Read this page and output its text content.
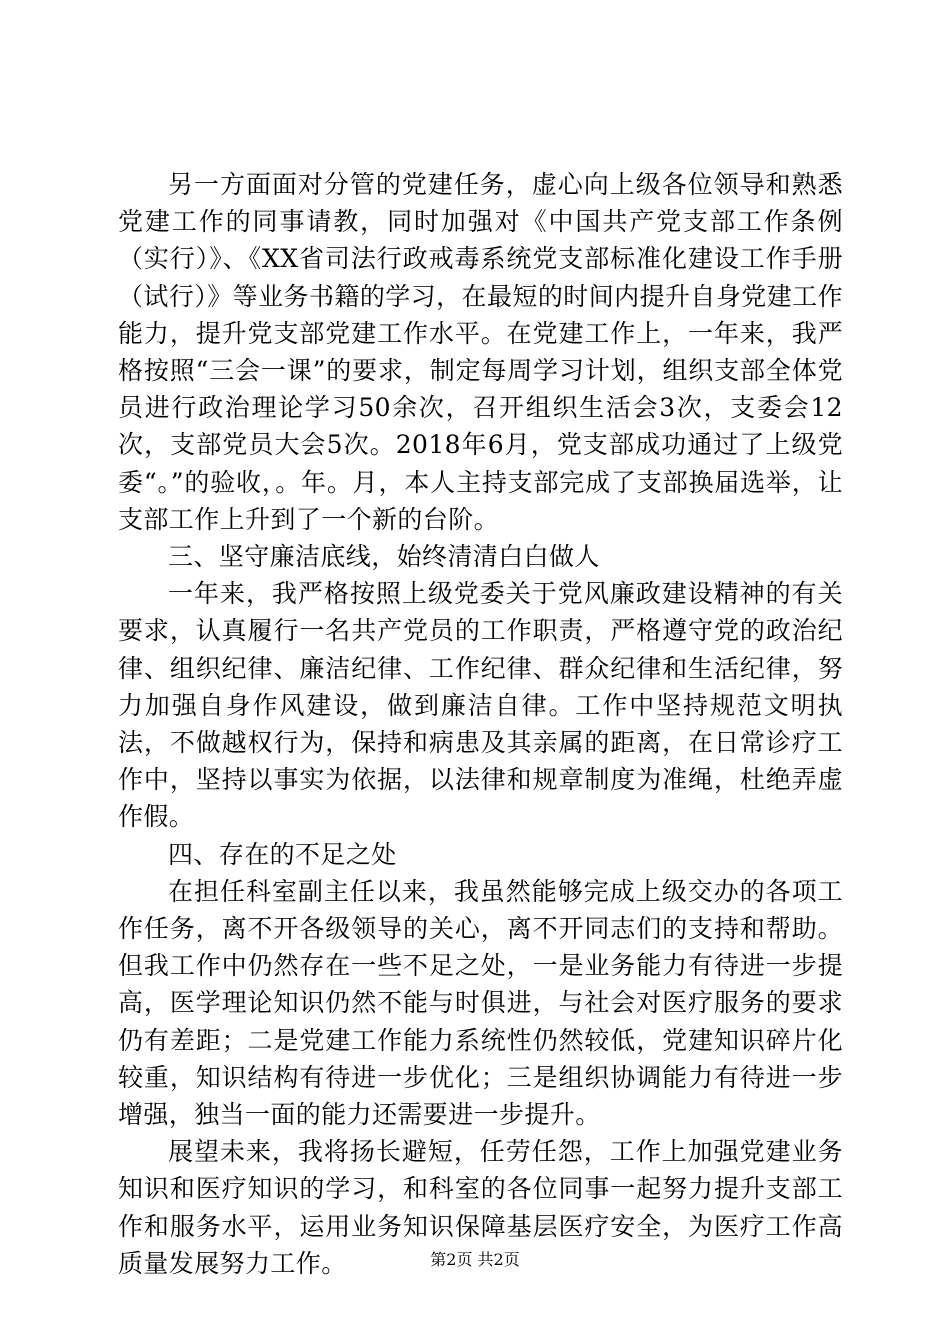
另一方面面对分管的党建任务，虚心向上级各位领导和熟悉党建工作的同事请教，同时加强对《中国共产党支部工作条例（实行）》、《XX省司法行政戒毒系统党支部标准化建设工作手册（试行）》等业务书籍的学习，在最短的时间内提升自身党建工作能力，提升党支部党建工作水平。在党建工作上，一年来，我严格按照“三会一课”的要求，制定每周学习计划，组织支部全体党员进行政治理论学习50余次，召开组织生活会3次，支委会12次，支部党员大会5次。2018年6月，党支部成功通过了上级党委“。”的验收，。年。月，本人主持支部完成了支部换届选举，让支部工作上升到了一个新的台阶。

三、坚守廉洁底线，始终清清白白做人

一年来，我严格按照上级党委关于党风廉政建设精神的有关要求，认真履行一名共产党员的工作职责，严格遵守党的政治纪律、组织纪律、廉洁纪律、工作纪律、群众纪律和生活纪律，努力加强自身作风建设，做到廉洁自律。工作中坚持规范文明执法，不做越权行为，保持和病患及其亲属的距离，在日常诊疗工作中，坚持以事实为依据，以法律和规章制度为准绳，杜绝弄虚作假。

四、存在的不足之处

在担任科室副主任以来，我虽然能够完成上级交办的各项工作任务，离不开各级领导的关心，离不开同志们的支持和帮助。但我工作中仍然存在一些不足之处，一是业务能力有待进一步提高，医学理论知识仍然不能与时俱进，与社会对医疗服务的要求仍有差距；二是党建工作能力系统性仍然较低，党建知识碎片化较重，知识结构有待进一步优化；三是组织协调能力有待进一步增强，独当一面的能力还需要进一步提升。

展望未来，我将扬长避短，任劳任怨，工作上加强党建业务知识和医疗知识的学习，和科室的各位同事一起努力提升支部工作和服务水平，运用业务知识保障基层医疗安全，为医疗工作高质量发展努力工作。	第2页 共2页
